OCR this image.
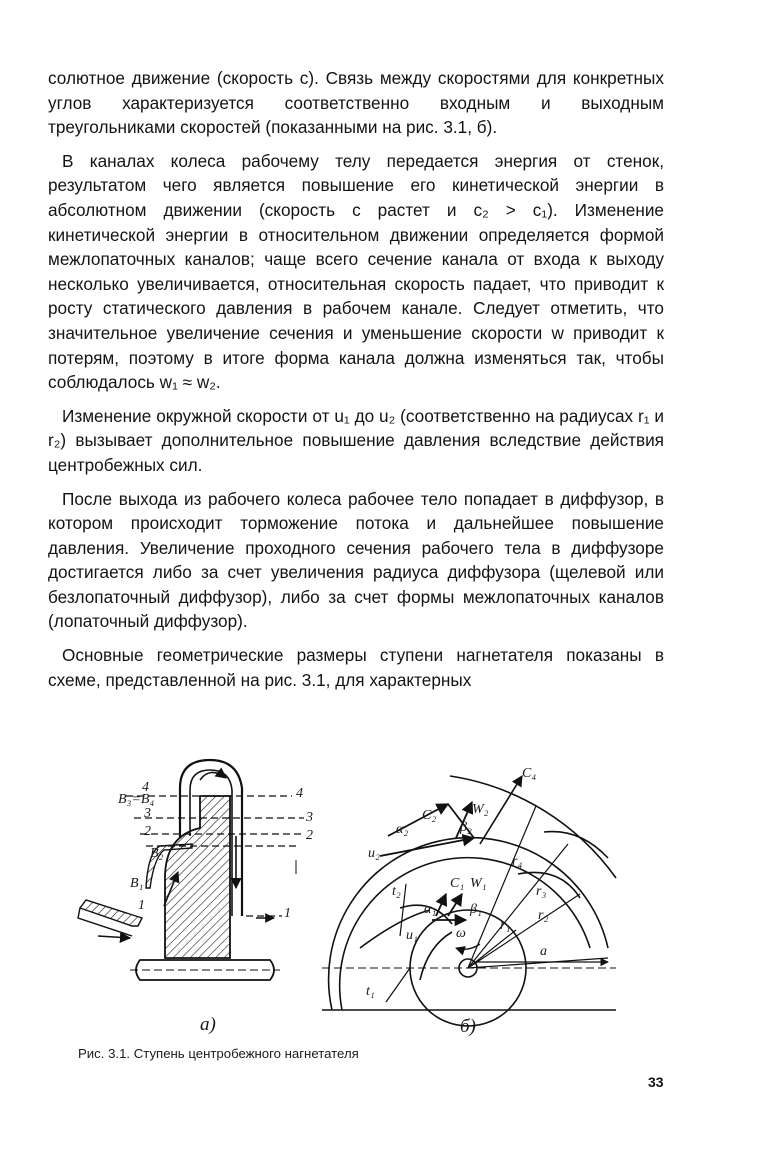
солютное движение (скорость c). Связь между скоростями для конкретных углов характеризуется соответственно входным и выходным треугольниками скоростей (показанными на рис. 3.1, б).

В каналах колеса рабочему телу передается энергия от стенок, результатом чего является повышение его кинетической энергии в абсолютном движении (скорость c растет и c₂ > c₁). Изменение кинетической энергии в относительном движении определяется формой межлопаточных каналов; чаще всего сечение канала от входа к выходу несколько увеличивается, относительная скорость падает, что приводит к росту статического давления в рабочем канале. Следует отметить, что значительное увеличение сечения и уменьшение скорости w приводит к потерям, поэтому в итоге форма канала должна изменяться так, чтобы соблюдалось w₁ ≈ w₂.

Изменение окружной скорости от u₁ до u₂ (соответственно на радиусах r₁ и r₂) вызывает дополнительное повышение давления вследствие действия центробежных сил.

После выхода из рабочего колеса рабочее тело попадает в диффузор, в котором происходит торможение потока и дальнейшее повышение давления. Увеличение проходного сечения рабочего тела в диффузоре достигается либо за счет увеличения радиуса диффузора (щелевой или безлопаточный диффузор), либо за счет формы межлопаточных каналов (лопаточный диффузор).

Основные геометрические размеры ступени нагнетателя показаны в схеме, представленной на рис. 3.1, для характерных

4
B₃=B₄
3
2
B₂
B₁
1
4
3
2
1
C₄
C₂	W₂
α₂	β₂
u₂
t₂
r₄
r₃
r₂
C₁ W₁
α₁ β₁
r₁
u₁	ω
a
t₁
а)	б)
Рис. 3.1. Ступень центробежного нагнетателя
33
